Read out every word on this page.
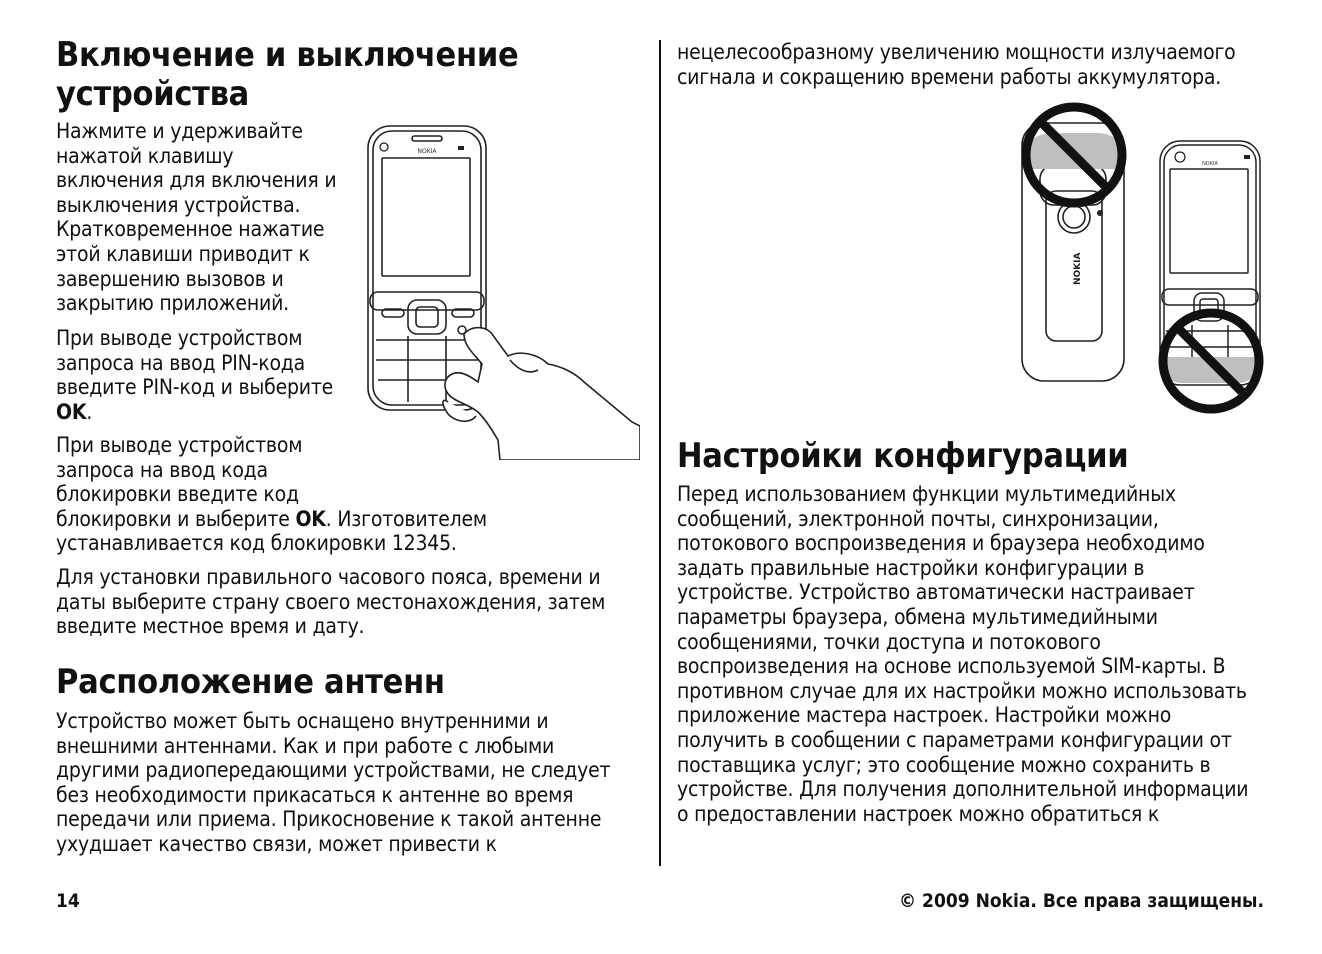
Включение и выключение
устройства
Нажмите и удерживайте
нажатой клавишу
включения для включения и
выключения устройства.
Кратковременное нажатие
этой клавиши приводит к
завершению вызовов и
закрытию приложений.
При выводе устройством
запроса на ввод PIN-кода
введите PIN-код и выберите
OK.
При выводе устройством
запроса на ввод кода
блокировки введите код
блокировки и выберите OK. Изготовителем
устанавливается код блокировки 12345.
Для установки правильного часового пояса, времени и
даты выберите страну своего местонахождения, затем
введите местное время и дату.
Расположение антенн
Устройство может быть оснащено внутренними и
внешними антеннами. Как и при работе с любыми
другими радиопередающими устройствами, не следует
без необходимости прикасаться к антенне во время
передачи или приема. Прикосновение к такой антенне
ухудшает качество связи, может привести к
NOKIA
нецелесообразному увеличению мощности излучаемого
сигнала и сокращению времени работы аккумулятора.
NOKIA
NOKIA
Настройки конфигурации
Перед использованием функции мультимедийных
сообщений, электронной почты, синхронизации,
потокового воспроизведения и браузера необходимо
задать правильные настройки конфигурации в
устройстве. Устройство автоматически настраивает
параметры браузера, обмена мультимедийными
сообщениями, точки доступа и потокового
воспроизведения на основе используемой SIM-карты. В
противном случае для их настройки можно использовать
приложение мастера настроек. Настройки можно
получить в сообщении с параметрами конфигурации от
поставщика услуг; это сообщение можно сохранить в
устройстве. Для получения дополнительной информации
о предоставлении настроек можно обратиться к
14	© 2009 Nokia. Все права защищены.
